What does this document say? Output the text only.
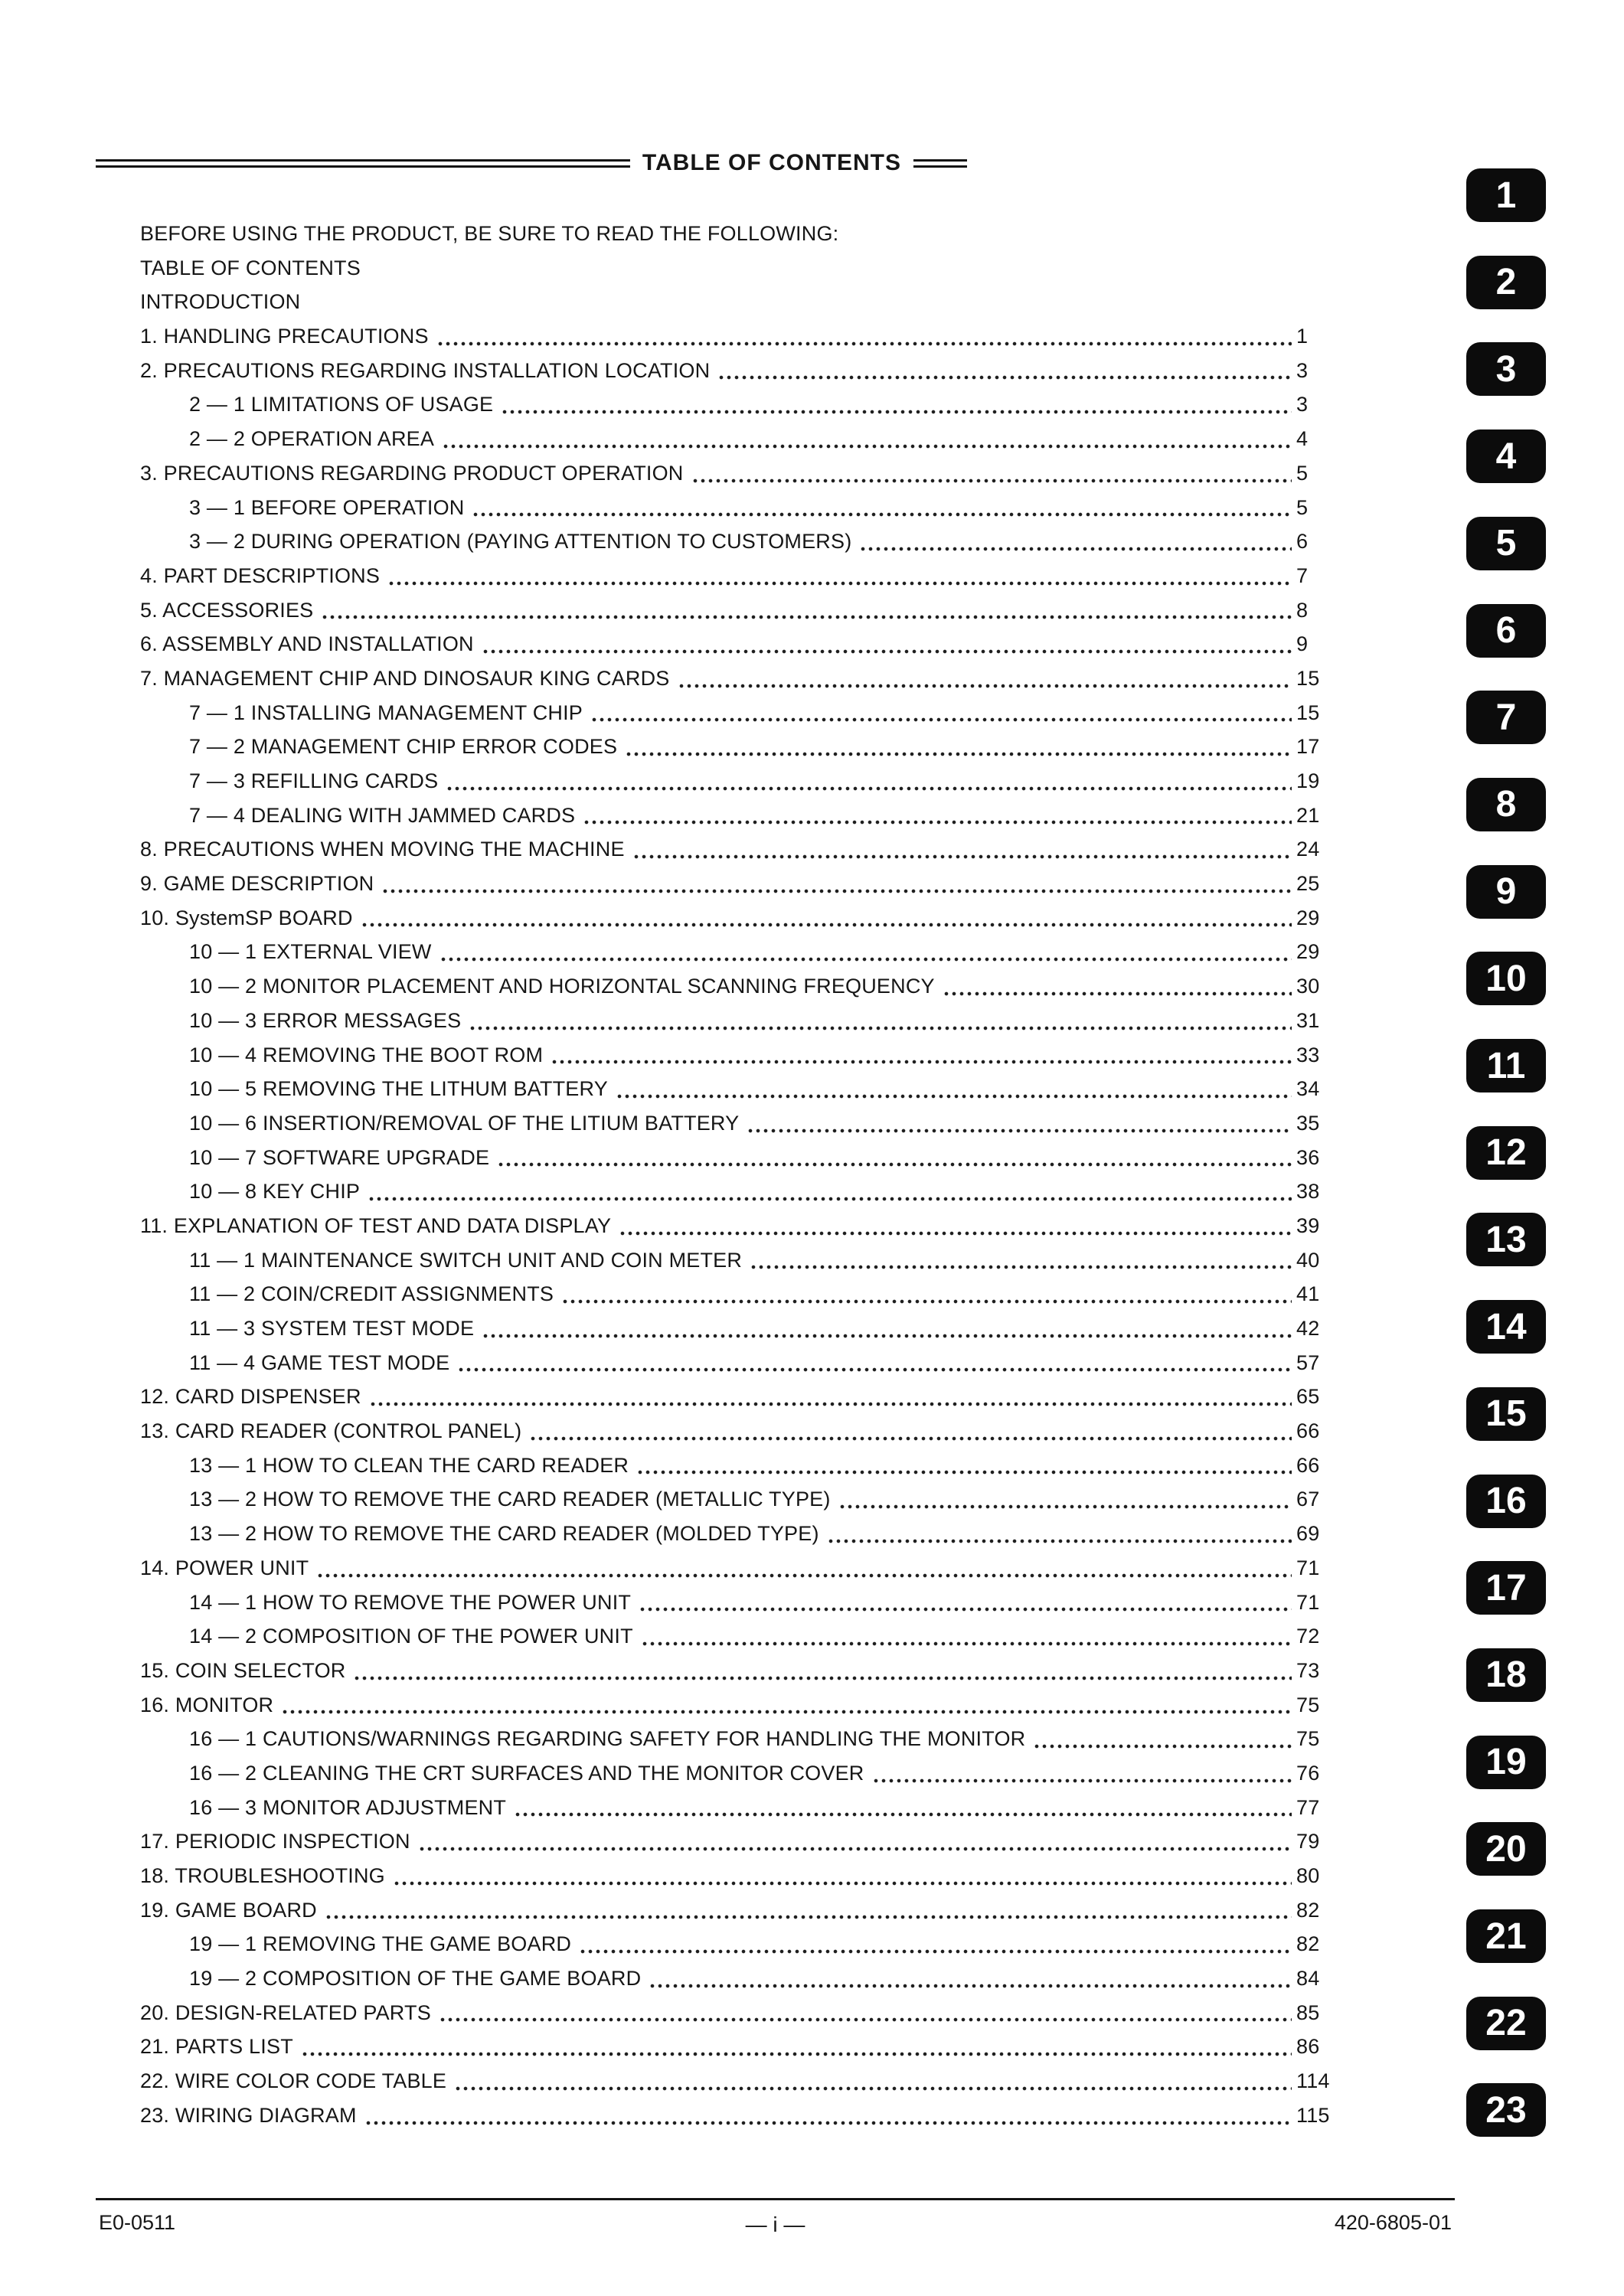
TABLE OF CONTENTS
BEFORE USING THE PRODUCT, BE SURE TO READ THE FOLLOWING:
TABLE OF CONTENTS
INTRODUCTION
1. HANDLING PRECAUTIONS	1
2. PRECAUTIONS REGARDING INSTALLATION LOCATION	3
2 — 1 LIMITATIONS OF USAGE	3
2 — 2 OPERATION AREA	4
3. PRECAUTIONS REGARDING PRODUCT OPERATION	5
3 — 1 BEFORE OPERATION	5
3 — 2 DURING OPERATION (PAYING ATTENTION TO CUSTOMERS)	6
4. PART DESCRIPTIONS	7
5. ACCESSORIES	8
6. ASSEMBLY AND INSTALLATION	9
7. MANAGEMENT CHIP AND DINOSAUR KING CARDS	15
7 — 1 INSTALLING MANAGEMENT CHIP	15
7 — 2 MANAGEMENT CHIP ERROR CODES	17
7 — 3 REFILLING CARDS	19
7 — 4 DEALING WITH JAMMED CARDS	21
8. PRECAUTIONS WHEN MOVING THE MACHINE	24
9. GAME DESCRIPTION	25
10. SystemSP BOARD	29
10 — 1 EXTERNAL VIEW	29
10 — 2 MONITOR PLACEMENT AND HORIZONTAL SCANNING FREQUENCY	30
10 — 3 ERROR MESSAGES	31
10 — 4 REMOVING THE BOOT ROM	33
10 — 5 REMOVING THE LITHUM BATTERY	34
10 — 6 INSERTION/REMOVAL OF THE LITIUM BATTERY	35
10 — 7 SOFTWARE UPGRADE	36
10 — 8 KEY CHIP	38
11. EXPLANATION OF TEST AND DATA DISPLAY	39
11 — 1 MAINTENANCE SWITCH UNIT AND COIN METER	40
11 — 2 COIN/CREDIT ASSIGNMENTS	41
11 — 3 SYSTEM TEST MODE	42
11 — 4 GAME TEST MODE	57
12. CARD DISPENSER	65
13. CARD READER (CONTROL PANEL)	66
13 — 1 HOW TO CLEAN THE CARD READER	66
13 — 2 HOW TO REMOVE THE CARD READER (METALLIC TYPE)	67
13 — 2 HOW TO REMOVE THE CARD READER (MOLDED TYPE)	69
14. POWER UNIT	71
14 — 1 HOW TO REMOVE THE POWER UNIT	71
14 — 2 COMPOSITION OF THE POWER UNIT	72
15. COIN SELECTOR	73
16. MONITOR	75
16 — 1 CAUTIONS/WARNINGS REGARDING SAFETY FOR HANDLING THE MONITOR	75
16 — 2 CLEANING THE CRT SURFACES AND THE MONITOR COVER	76
16 — 3 MONITOR ADJUSTMENT	77
17. PERIODIC INSPECTION	79
18. TROUBLESHOOTING	80
19. GAME BOARD	82
19 — 1 REMOVING THE GAME BOARD	82
19 — 2 COMPOSITION OF THE GAME BOARD	84
20. DESIGN-RELATED PARTS	85
21. PARTS LIST	86
22. WIRE COLOR CODE TABLE	114
23. WIRING DIAGRAM	115
1
2
3
4
5
6
7
8
9
10
11
12
13
14
15
16
17
18
19
20
21
22
23
E0-0511	— i —	420-6805-01
